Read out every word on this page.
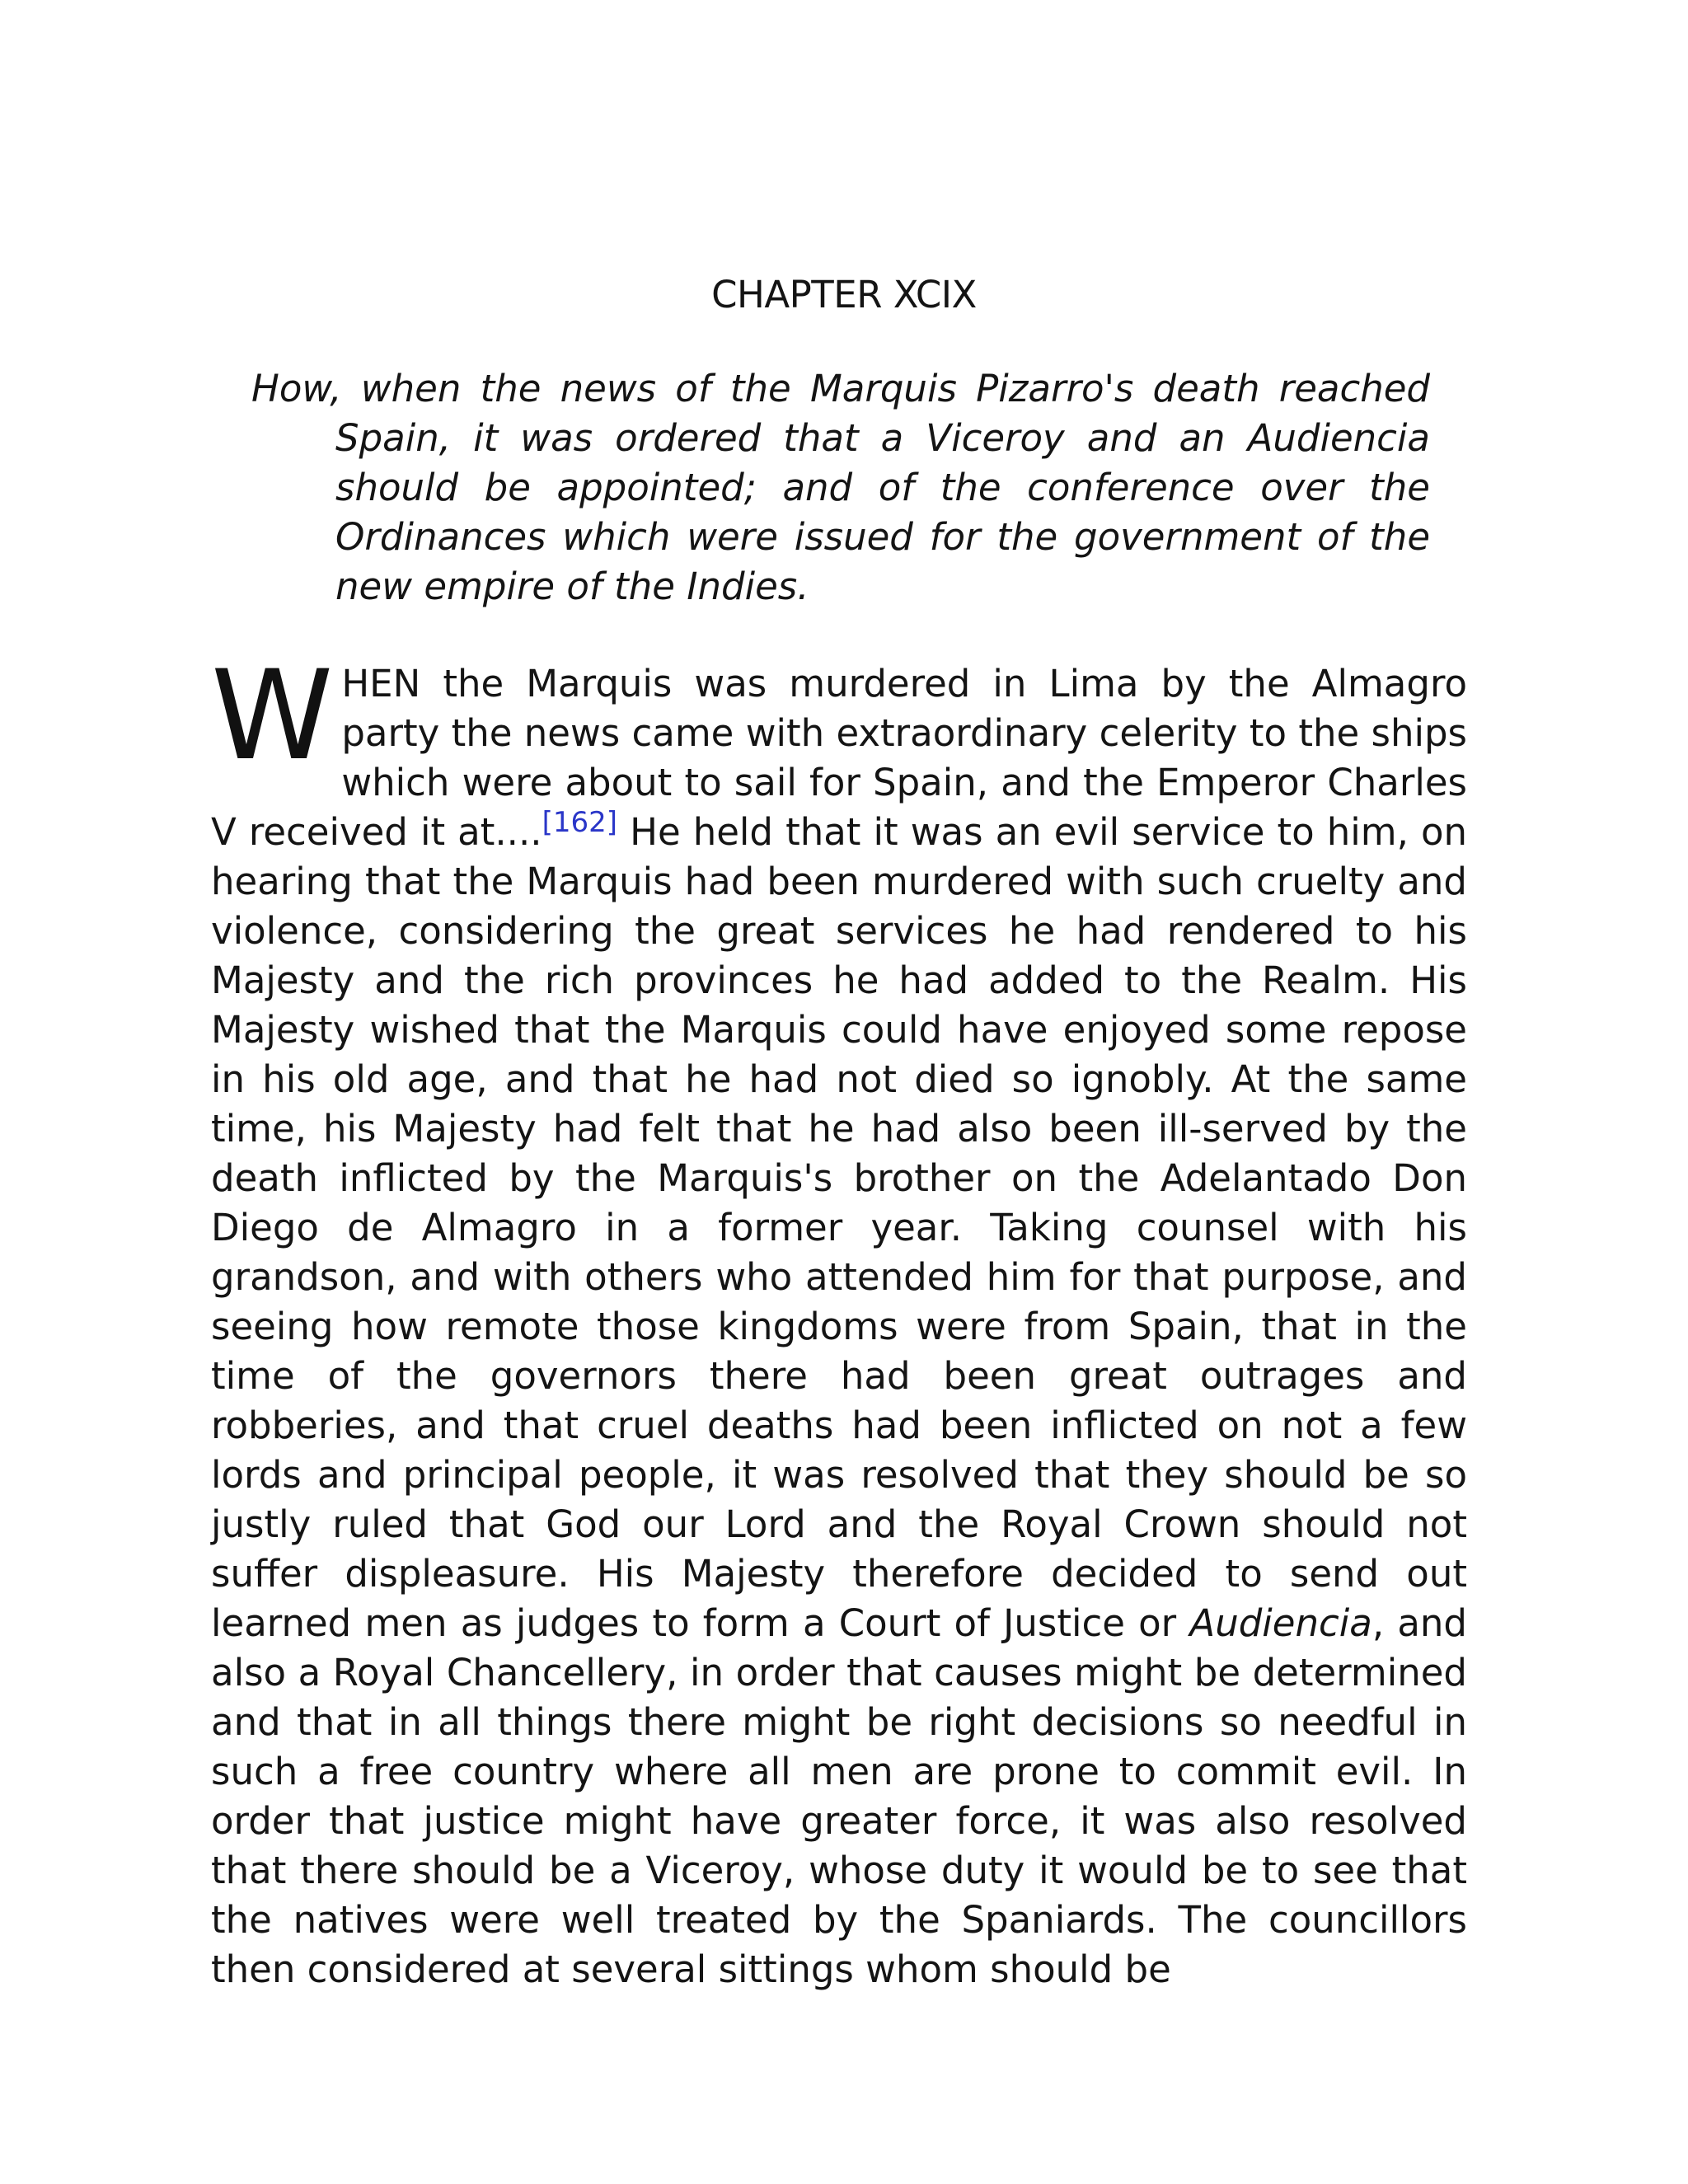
CHAPTER XCIX
How, when the news of the Marquis Pizarro's death reached
Spain, it was ordered that a Viceroy and an Audiencia
should be appointed; and of the conference over the
Ordinances which were issued for the government of the
new empire of the Indies.
W HEN the Marquis was murdered in Lima by the Almagro party the news came with extraordinary celerity to the ships which were about to sail for Spain, and the Emperor Charles V received it at....[162] He held that it was an evil service to him, on hearing that the Marquis had been murdered with such cruelty and violence, considering the great services he had rendered to his Majesty and the rich provinces he had added to the Realm. His Majesty wished that the Marquis could have enjoyed some repose in his old age, and that he had not died so ignobly. At the same time, his Majesty had felt that he had also been ill-served by the death inflicted by the Marquis's brother on the Adelantado Don Diego de Almagro in a former year. Taking counsel with his grandson, and with others who attended him for that purpose, and seeing how remote those kingdoms were from Spain, that in the time of the governors there had been great outrages and robberies, and that cruel deaths had been inflicted on not a few lords and principal people, it was resolved that they should be so justly ruled that God our Lord and the Royal Crown should not suffer displeasure. His Majesty therefore decided to send out learned men as judges to form a Court of Justice or Audiencia, and also a Royal Chancellery, in order that causes might be determined and that in all things there might be right decisions so needful in such a free country where all men are prone to commit evil. In order that justice might have greater force, it was also resolved that there should be a Viceroy, whose duty it would be to see that the natives were well treated by the Spaniards. The councillors then considered at several sittings whom should be
